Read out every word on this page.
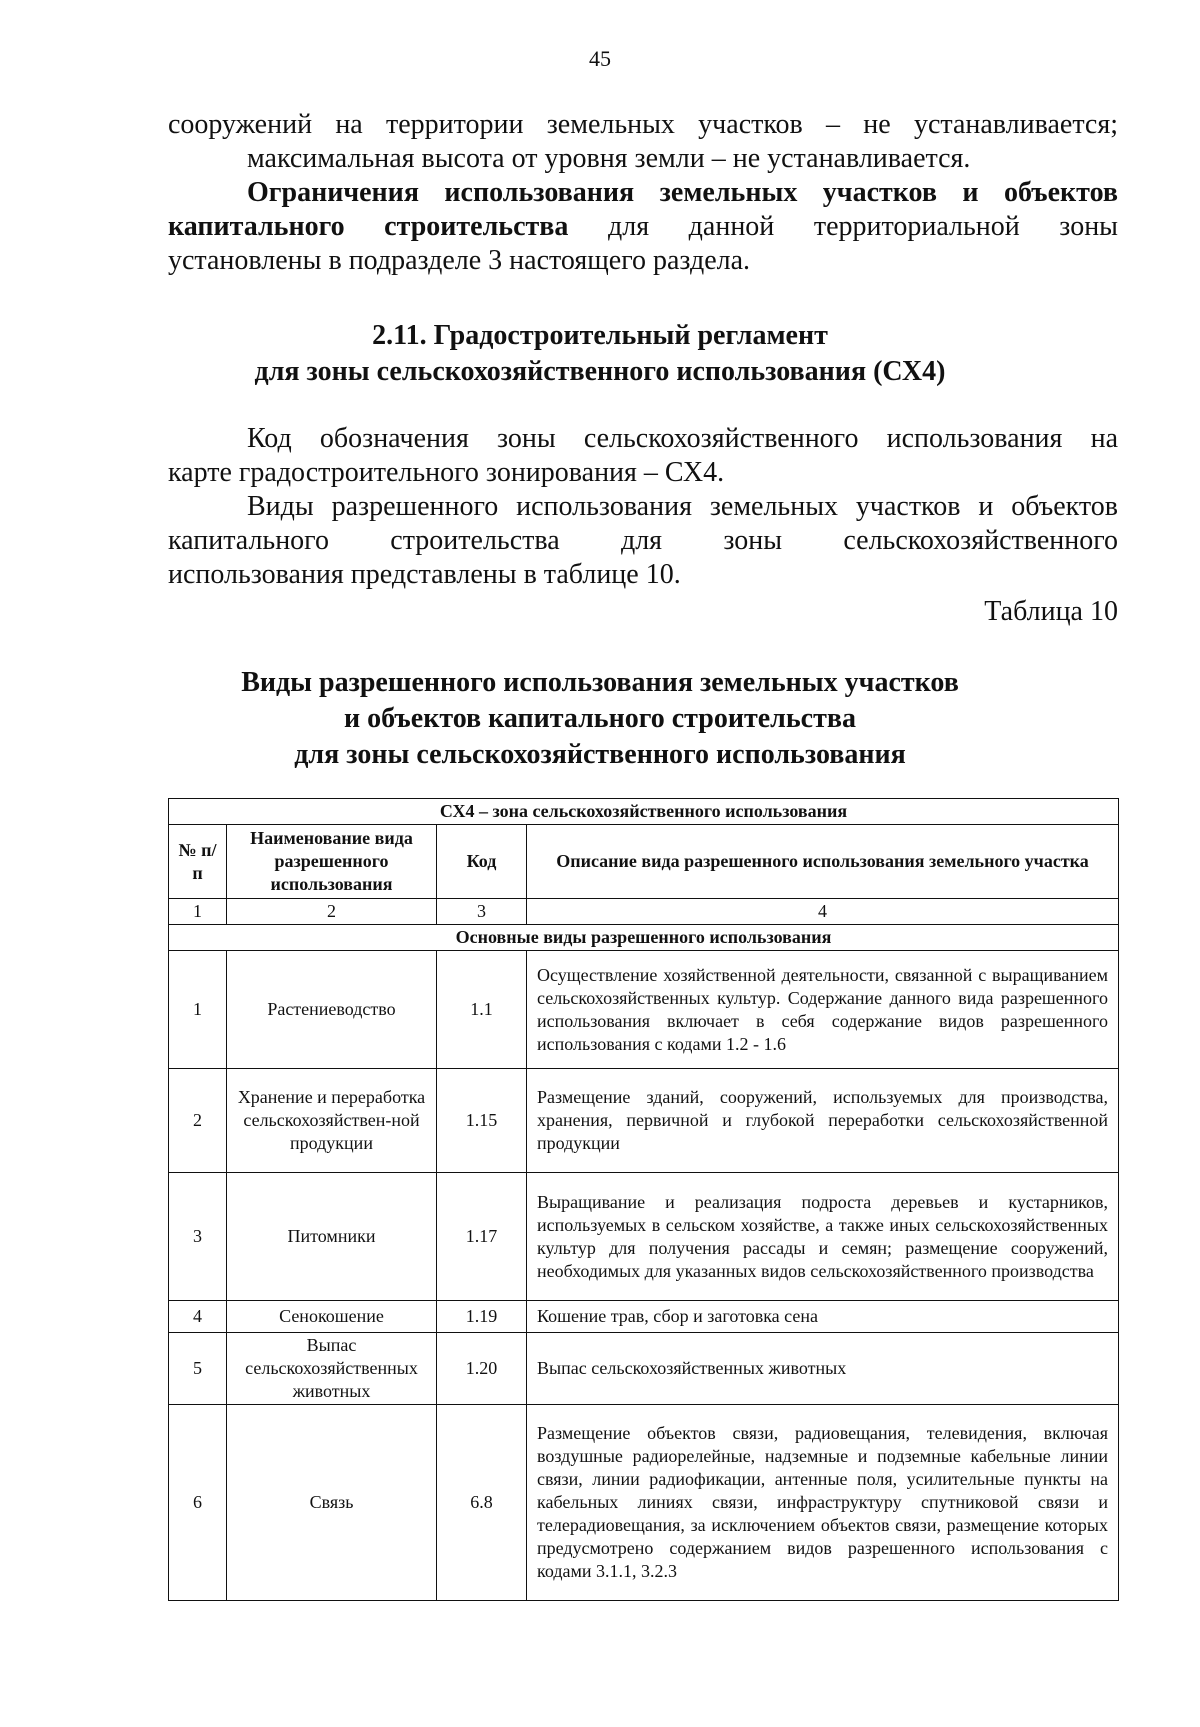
45
сооружений на территории земельных участков – не устанавливается;
максимальная высота от уровня земли – не устанавливается.
Ограничения использования земельных участков и объектов
капитального строительства для данной территориальной зоны
установлены в подразделе 3 настоящего раздела.
2.11. Градостроительный регламент
для зоны сельскохозяйственного использования (СХ4)
Код обозначения зоны сельскохозяйственного использования на
карте градостроительного зонирования – СХ4.
Виды разрешенного использования земельных участков и объектов
капитального строительства для зоны сельскохозяйственного
использования представлены в таблице 10.
Таблица 10
Виды разрешенного использования земельных участков
и объектов капитального строительства
для зоны сельскохозяйственного использования
СХ4 – зона сельскохозяйственного использования			
№ п/п	Наименование вида разрешенного использования	Код	Описание вида разрешенного использования земельного участка
1	2	3	4
Основные виды разрешенного использования			
1	Растениеводство	1.1	Осуществление хозяйственной деятельности, связанной с выращиванием сельскохозяйственных культур. Содержание данного вида разрешенного использования включает в себя содержание видов разрешенного использования с кодами 1.2 - 1.6
2	Хранение и переработка сельскохозяйствен-ной продукции	1.15	Размещение зданий, сооружений, используемых для производства, хранения, первичной и глубокой переработки сельскохозяйственной продукции
3	Питомники	1.17	Выращивание и реализация подроста деревьев и кустарников, используемых в сельском хозяйстве, а также иных сельскохозяйственных культур для получения рассады и семян; размещение сооружений, необходимых для указанных видов сельскохозяйственного производства
4	Сенокошение	1.19	Кошение трав, сбор и заготовка сена
5	Выпас сельскохозяйственных животных	1.20	Выпас сельскохозяйственных животных
6	Связь	6.8	Размещение объектов связи, радиовещания, телевидения, включая воздушные радиорелейные, надземные и подземные кабельные линии связи, линии радиофикации, антенные поля, усилительные пункты на кабельных линиях связи, инфраструктуру спутниковой связи и телерадиовещания, за исключением объектов связи, размещение которых предусмотрено содержанием видов разрешенного использования с кодами 3.1.1, 3.2.3
